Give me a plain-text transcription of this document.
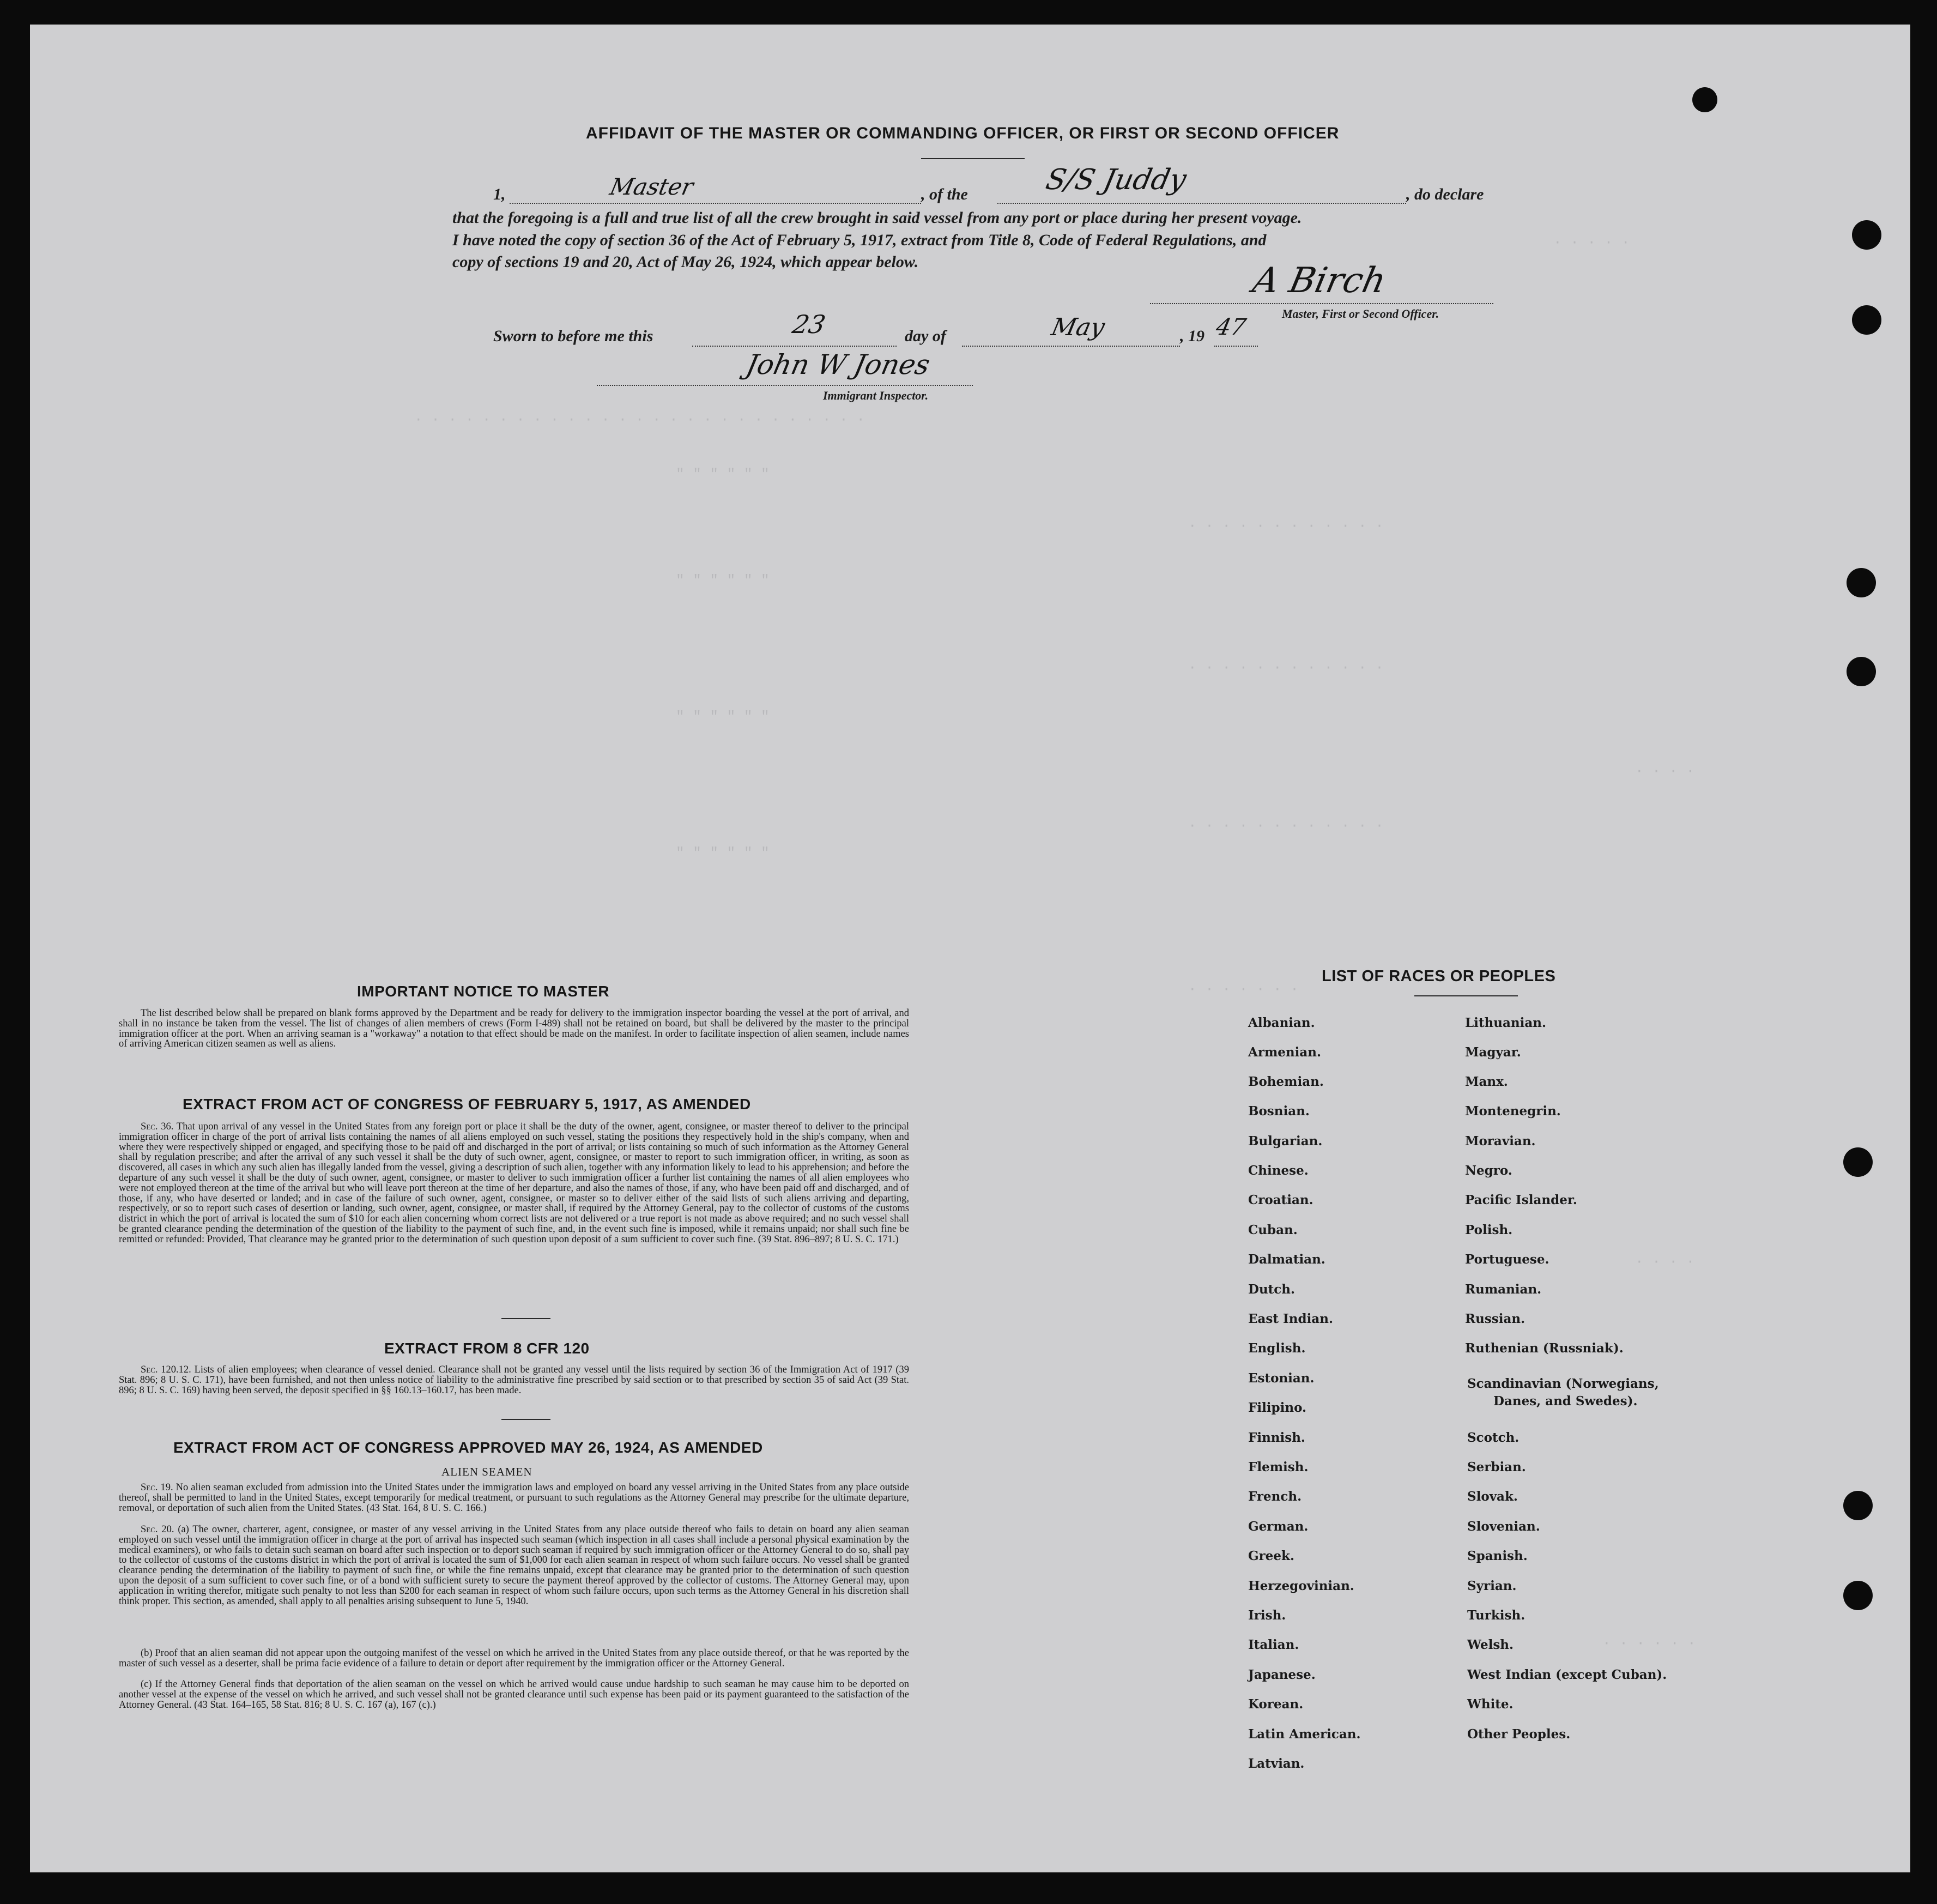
· · · · · · · · · · · · · · · · · · · · · · · · · · ·
" " " " " "
" " " " " "
" " " " " "
" " " " " "
· · · · · · · · · · · ·
· · · · · · · · · · · ·
· · · · · · · · · · · ·
· · · · · · ·
· · · · ·
· · · ·
· · · ·
· · · · · ·
AFFIDAVIT OF THE MASTER OR COMMANDING OFFICER, OR FIRST OR SECOND OFFICER
1,	Master	, of the	S/S Juddy	, do declare
that the foregoing is a full and true list of all the crew brought in said vessel from any port or place during her present voyage.
I have noted the copy of section 36 of the Act of February 5, 1917, extract from Title 8, Code of Federal Regulations, and
copy of sections 19 and 20, Act of May 26, 1924, which appear below.	A Birch
Master, First or Second Officer.
Sworn to before me this	23	day of	May	, 19 47
John W Jones
Immigrant Inspector.
IMPORTANT NOTICE TO MASTER

The list described below shall be prepared on blank forms approved by the Department and be ready for delivery to the immigration inspector boarding the vessel at the port of arrival, and shall in no instance be taken from the vessel. The list of changes of alien members of crews (Form I-489) shall not be retained on board, but shall be delivered by the master to the principal immigration officer at the port. When an arriving seaman is a "workaway" a notation to that effect should be made on the manifest. In order to facilitate inspection of alien seamen, include names of arriving American citizen seamen as well as aliens.

EXTRACT FROM ACT OF CONGRESS OF FEBRUARY 5, 1917, AS AMENDED

Sec. 36. That upon arrival of any vessel in the United States from any foreign port or place it shall be the duty of the owner, agent, consignee, or master thereof to deliver to the principal immigration officer in charge of the port of arrival lists containing the names of all aliens employed on such vessel, stating the positions they respectively hold in the ship's company, when and where they were respectively shipped or engaged, and specifying those to be paid off and discharged in the port of arrival; or lists containing so much of such information as the Attorney General shall by regulation prescribe; and after the arrival of any such vessel it shall be the duty of such owner, agent, consignee, or master to report to such immigration officer, in writing, as soon as discovered, all cases in which any such alien has illegally landed from the vessel, giving a description of such alien, together with any information likely to lead to his apprehension; and before the departure of any such vessel it shall be the duty of such owner, agent, consignee, or master to deliver to such immigration officer a further list containing the names of all alien employees who were not employed thereon at the time of the arrival but who will leave port thereon at the time of her departure, and also the names of those, if any, who have been paid off and discharged, and of those, if any, who have deserted or landed; and in case of the failure of such owner, agent, consignee, or master so to deliver either of the said lists of such aliens arriving and departing, respectively, or so to report such cases of desertion or landing, such owner, agent, consignee, or master shall, if required by the Attorney General, pay to the collector of customs of the customs district in which the port of arrival is located the sum of $10 for each alien concerning whom correct lists are not delivered or a true report is not made as above required; and no such vessel shall be granted clearance pending the determination of the question of the liability to the payment of such fine, and, in the event such fine is imposed, while it remains unpaid; nor shall such fine be remitted or refunded: Provided, That clearance may be granted prior to the determination of such question upon deposit of a sum sufficient to cover such fine. (39 Stat. 896–897; 8 U. S. C. 171.)

EXTRACT FROM 8 CFR 120

Sec. 120.12. Lists of alien employees; when clearance of vessel denied. Clearance shall not be granted any vessel until the lists required by section 36 of the Immigration Act of 1917 (39 Stat. 896; 8 U. S. C. 171), have been furnished, and not then unless notice of liability to the administrative fine prescribed by said section or to that prescribed by section 35 of said Act (39 Stat. 896; 8 U. S. C. 169) having been served, the deposit specified in §§ 160.13–160.17, has been made.

EXTRACT FROM ACT OF CONGRESS APPROVED MAY 26, 1924, AS AMENDED
ALIEN SEAMEN

Sec. 19. No alien seaman excluded from admission into the United States under the immigration laws and employed on board any vessel arriving in the United States from any place outside thereof, shall be permitted to land in the United States, except temporarily for medical treatment, or pursuant to such regulations as the Attorney General may prescribe for the ultimate departure, removal, or deportation of such alien from the United States. (43 Stat. 164, 8 U. S. C. 166.)

Sec. 20. (a) The owner, charterer, agent, consignee, or master of any vessel arriving in the United States from any place outside thereof who fails to detain on board any alien seaman employed on such vessel until the immigration officer in charge at the port of arrival has inspected such seaman (which inspection in all cases shall include a personal physical examination by the medical examiners), or who fails to detain such seaman on board after such inspection or to deport such seaman if required by such immigration officer or the Attorney General to do so, shall pay to the collector of customs of the customs district in which the port of arrival is located the sum of $1,000 for each alien seaman in respect of whom such failure occurs. No vessel shall be granted clearance pending the determination of the liability to payment of such fine, or while the fine remains unpaid, except that clearance may be granted prior to the determination of such question upon the deposit of a sum sufficient to cover such fine, or of a bond with sufficient surety to secure the payment thereof approved by the collector of customs. The Attorney General may, upon application in writing therefor, mitigate such penalty to not less than $200 for each seaman in respect of whom such failure occurs, upon such terms as the Attorney General in his discretion shall think proper. This section, as amended, shall apply to all penalties arising subsequent to June 5, 1940.

(b) Proof that an alien seaman did not appear upon the outgoing manifest of the vessel on which he arrived in the United States from any place outside thereof, or that he was reported by the master of such vessel as a deserter, shall be prima facie evidence of a failure to detain or deport after requirement by the immigration officer or the Attorney General.

(c) If the Attorney General finds that deportation of the alien seaman on the vessel on which he arrived would cause undue hardship to such seaman he may cause him to be deported on another vessel at the expense of the vessel on which he arrived, and such vessel shall not be granted clearance until such expense has been paid or its payment guaranteed to the satisfaction of the Attorney General. (43 Stat. 164–165, 58 Stat. 816; 8 U. S. C. 167 (a), 167 (c).)

LIST OF RACES OR PEOPLES
Albanian.
Armenian.
Bohemian.
Bosnian.
Bulgarian.
Chinese.
Croatian.
Cuban.
Dalmatian.
Dutch.
East Indian.
English.
Estonian.
Filipino.
Finnish.
Flemish.
French.
German.
Greek.
Herzegovinian.
Irish.
Italian.
Japanese.
Korean.
Latin American.
Latvian.
Lithuanian.
Magyar.
Manx.
Montenegrin.
Moravian.
Negro.
Pacific Islander.
Polish.
Portuguese.
Rumanian.
Russian.
Ruthenian (Russniak).
Scandinavian (Norwegians,
Danes, and Swedes).
Scotch.
Serbian.
Slovak.
Slovenian.
Spanish.
Syrian.
Turkish.
Welsh.
West Indian (except Cuban).
White.
Other Peoples.
